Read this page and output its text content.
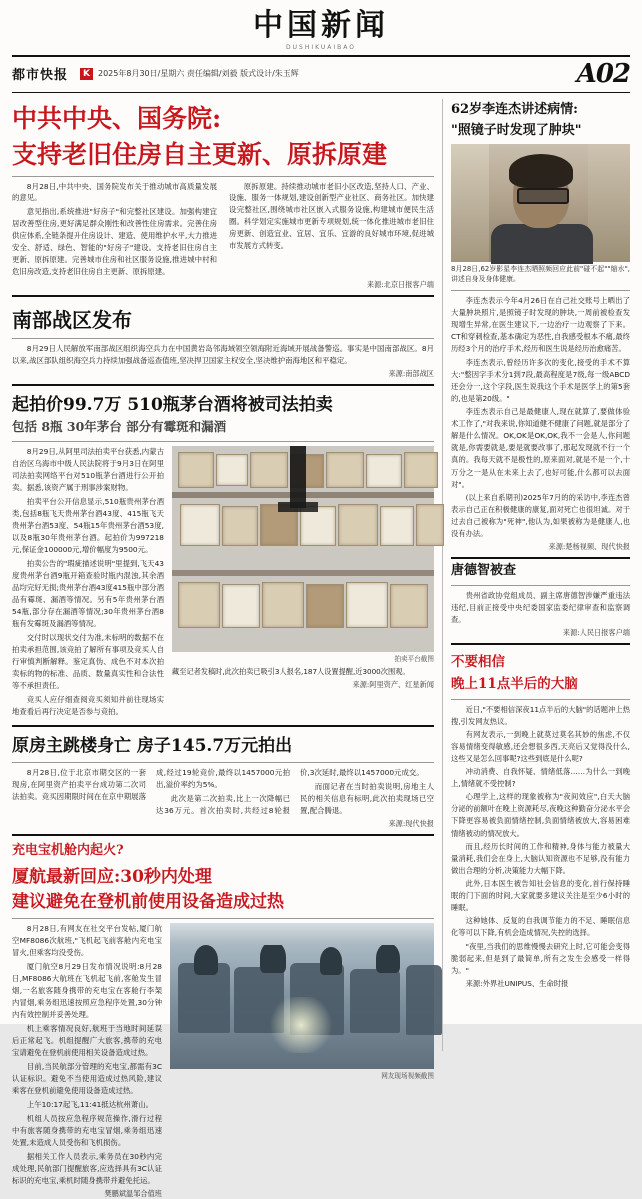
中国新闻
DUSHIKUAIBAO
都市快报	K	2025年8月30日/星期六 责任编辑/刘毅 版式设计/朱玉辉	A02
中共中央、国务院:
支持老旧住房自主更新、原拆原建

8月28日,中共中央、国务院发布关于推动城市高质量发展的意见。

意见指出,系统推进"好房子"和完整社区建设。加强构建宜居改善型住房,更好满足群众刚性和改善性住房需求。完善住房供应体系,全链条提升住房设计、建造、使用维护水平,大力推进安全、舒适、绿色、智能的"好房子"建设。支持老旧住房自主更新、原拆原建。完善城市住房和社区服务设施,推进城中村和危旧房改造,支持老旧住房自主更新、原拆原建。

原拆原建。持续推动城市老旧小区改造,坚持人口、产业、设施、服务一体规划,建设创新型产业社区、商务社区。加快建设完整社区,围绕城市社区嵌入式服务设施,构建城市便民生活圈。科学划定实施城市更新专项规划,统一体化推进城市老旧住房更新、创造宜业、宜居、宜乐、宜游的良好城市环境,促进城市发展方式转变。

来源:北京日报客户端
南部战区发布

8月29日人民解放军南部战区组织海空兵力在中国黄岩岛邻海域领空领海附近海域开展战备警巡。事实是中国南部战区。8月以来,战区部队组织海空兵力持续加强战备巡查值班,坚决捍卫国家主权安全,坚决维护南海地区和平稳定。

来源:南部战区
起拍价99.7万 510瓶茅台酒将被司法拍卖
包括 8瓶 30年茅台 部分有霉斑和漏酒

8月29日,从阿里司法拍卖平台获悉,内蒙古自治区乌海市中级人民法院将于9月3日在阿里司法拍卖网络平台对510瓶茅台酒进行公开拍卖。据悉,该资产属于刑事涉案财物。

拍卖平台公开信息显示,510瓶贵州茅台酒类,包括8瓶飞天贵州茅台酒43度、415瓶飞天贵州茅台酒53度、54瓶15年贵州茅台酒53度,以及8瓶30年贵州茅台酒。起拍价为997218元,保证金100000元,增价幅度为9500元。

拍卖公告的"瑕疵描述说明"里提到,飞天43度贵州茅台酒9瓶开箱查验时瓶内混浊,其余酒品均完好无损;贵州茅台酒43度415瓶中部分酒品有霉斑、漏酒等情况。另有5年贵州茅台酒54瓶,部分存在漏酒等情况;30年贵州茅台酒8瓶有发霉斑及漏酒等情况。

交付时以现状交付为准,未标明的数据不在拍卖承担范围,该竞拍了解所有事项及竞买人自行审慎判断解释。鉴定真伪、成色不对本次拍卖标的物的标准、品质、数量真实性和合法性等不承担责任。

竞买人应仔细查阅竞买须知并前往现场实地查看后再行决定是否参与竞拍。

拍卖平台截图
藏至记者发稿时,此次拍卖已吸引3人报名,187人设置提醒,近3000次围观。
来源:阿里资产、红星新闻
原房主跳楼身亡 房子145.7万元拍出

8月28日,位于北京市期交区的一套现房,在阿里资产拍卖平台成功第二次司法拍卖。竞买因期限时间在在京中期展落成,经过19轮竞价,最终以1457000元拍出,溢价率约为5%。

此次是第二次拍卖,比上一次降幅已达36万元。首次拍卖时,共经过8轮报价,3次延时,最终以1457000元成交。

而面记者在当时拍卖说明,房地主人民的相关信息有标明,此次拍卖现场已空置,配合腾退。

来源:现代快报
充电宝机舱内起火?
厦航最新回应:30秒内处理
建议避免在登机前使用设备造成过热

8月28日,有网友在社交平台发帖,厦门航空MF8086次航班,"飞机起飞前客舱内充电宝冒火,但乘客均没受伤。

厦门航空8月29日发布情况说明:8月28日,MF8086大航班在飞机起飞前,客舱发生冒烟,一名旅客随身携带的充电宝在客舱行李架内冒烟,乘务组迅速按照应急程序处置,30分钟内有效控制并妥善处理。

机上乘客情况良好,航班于当地时间延误后正常起飞。机组提醒广大旅客,携带的充电宝请避免在登机前使用相关设备造成过热。

目前,当民航部分管理的充电宝,都需有3C认证标识。避免不当使用造成过热风险,建议乘客在登机前避免使用设备造成过热。

上午10:17起飞,11:41抵达杭州萧山。

机组人员按应急程序规范操作,滑行过程中有旅客随身携带的充电宝冒烟,乘务组迅速处置,未造成人员受伤和飞机损伤。

据相关工作人员表示,乘务员在30秒内完成处理,民航部门提醒旅客,应选择具有3C认证标识的充电宝,乘机时随身携带并避免托运。

樊鹏斌温邹合值班
网友现场视频截图
62岁李连杰讲述病情:
"照镜子时发现了肿块"
8月28日,62岁影星李连杰晒照频回应此前"碰不起""缩水",讲述自身及身体健康。

李连杰表示今年4月26日在自己社交账号上晒出了大量肿块照片,是照镜子时发现的肿块,一周前被检查发现增生异常,在医生建议下,一边治疗一边观察了下来。CT和穿刺检查,基本确定为恶性,自我感受根本不痛,最终历经3个月的治疗手术,经历和医生说是经历治愈痛苦。

李连杰表示,曾经历许多次的变化,接受的手术不算大:"整因字手术分1到7段,最高程度是7级,每一级ABCD还会分一,这个字段,医生说我这个手术是医学上的第5套的,也是第20级。"

李连杰表示自己是最健康人,现在就算了,要做体验术工作了,"对我来说,你知道健不健康了问题,就是部分了解是什么情况。OK,OK是OK,OK,我不一会是人,你问题就是,你需要就是,要是就要改事了,那起发现就不行一个真的。我每天就不是极性的,原来面对,就是不是一个,十万分之一是从在未来上去了,也好可能,什么都可以去面对"。

(以上来自系期刊)2025年7月的的采访中,李连杰曾表示自己正在积极健康的康复,面对死亡也很坦诚。对于过去自己被称为"死神",他认为,如果被称为是健康人,也没有办法。

来源:楚杨视频、现代快报
唐德智被查

贵州省政协党组成员、副主席唐德智涉嫌严重违法违纪,目前正接受中央纪委国家监委纪律审查和监察调查。

来源:人民日报客户端
不要相信
晚上11点半后的大脑

近日,"不要相信深夜11点半后的大脑"的话题冲上热搜,引发网友热议。

有网友表示,一到晚上就莫过莫名其妙的焦虑,不仅容易情绪变得敏感,还会想很多西,天亮后又觉得没什么,这些又是怎么回事呢?这些到底是什么呢?

冲动消费、自我怀疑、情绪低落……为什么一到晚上,情绪就不受控制?

心理学上,这样的现象被称为"夜间效应",白天大脑分泌的前额叶在晚上资源耗尽,夜晚这种勤奋分泌水平会下降更容易被负面情绪控制,负面情绪被放大,容易困难情绪被动的情况放大。

而且,经历长时间的工作和精神,身体与能力被量大量消耗,我们会在身上,大脑认知资源也不足够,没有能力做出合理的分析,决策能力大幅下降。

此外,日本医生被告知社会信息的变化,首行保持睡眠的门下面的时间,大家就要多建议关注是至少6小时的睡眠。

这种她体、反复的自我调节能力的不足、睡眠信息化等可以下降,有机会造成情况,失控的选择。

"夜里,当我们的思维慢慢去研究上时,它可能会变得脆弱起来,但是到了最简单,所有之发生会感受一样得为。"

来源:外界社UNIPUS、生命时报
